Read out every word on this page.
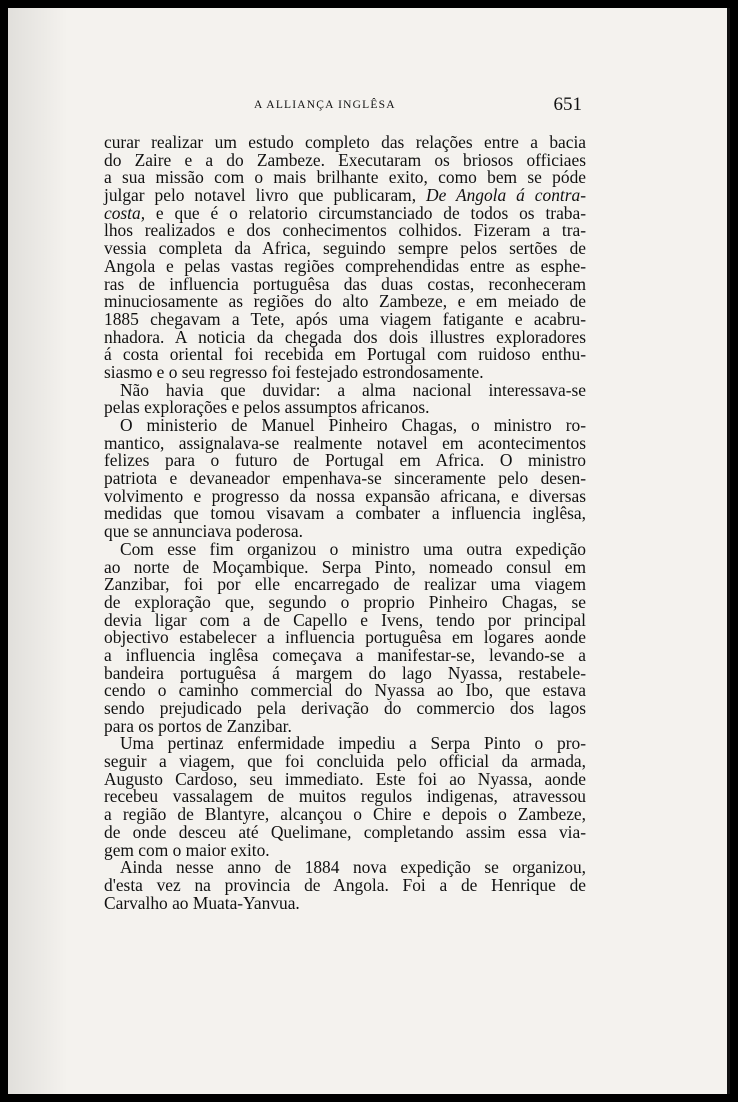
A ALLIANÇA INGLÊSA	651
curar realizar um estudo completo das relações entre a bacia
do Zaire e a do Zambeze. Executaram os briosos officiaes
a sua missão com o mais brilhante exito, como bem se póde
julgar pelo notavel livro que publicaram, De Angola á contra-
costa, e que é o relatorio circumstanciado de todos os traba-
lhos realizados e dos conhecimentos colhidos. Fizeram a tra-
vessia completa da Africa, seguindo sempre pelos sertões de
Angola e pelas vastas regiões comprehendidas entre as esphe-
ras de influencia portuguêsa das duas costas, reconheceram
minuciosamente as regiões do alto Zambeze, e em meiado de
1885 chegavam a Tete, após uma viagem fatigante e acabru-
nhadora. A noticia da chegada dos dois illustres exploradores
á costa oriental foi recebida em Portugal com ruidoso enthu-
siasmo e o seu regresso foi festejado estrondosamente.
Não havia que duvidar: a alma nacional interessava-se
pelas explorações e pelos assumptos africanos.
O ministerio de Manuel Pinheiro Chagas, o ministro ro-
mantico, assignalava-se realmente notavel em acontecimentos
felizes para o futuro de Portugal em Africa. O ministro
patriota e devaneador empenhava-se sinceramente pelo desen-
volvimento e progresso da nossa expansão africana, e diversas
medidas que tomou visavam a combater a influencia inglêsa,
que se annunciava poderosa.
Com esse fim organizou o ministro uma outra expedição
ao norte de Moçambique. Serpa Pinto, nomeado consul em
Zanzibar, foi por elle encarregado de realizar uma viagem
de exploração que, segundo o proprio Pinheiro Chagas, se
devia ligar com a de Capello e Ivens, tendo por principal
objectivo estabelecer a influencia portuguêsa em logares aonde
a influencia inglêsa começava a manifestar-se, levando-se a
bandeira portuguêsa á margem do lago Nyassa, restabele-
cendo o caminho commercial do Nyassa ao Ibo, que estava
sendo prejudicado pela derivação do commercio dos lagos
para os portos de Zanzibar.
Uma pertinaz enfermidade impediu a Serpa Pinto o pro-
seguir a viagem, que foi concluida pelo official da armada,
Augusto Cardoso, seu immediato. Este foi ao Nyassa, aonde
recebeu vassalagem de muitos regulos indigenas, atravessou
a região de Blantyre, alcançou o Chire e depois o Zambeze,
de onde desceu até Quelimane, completando assim essa via-
gem com o maior exito.
Ainda nesse anno de 1884 nova expedição se organizou,
d'esta vez na provincia de Angola. Foi a de Henrique de
Carvalho ao Muata-Yanvua.
